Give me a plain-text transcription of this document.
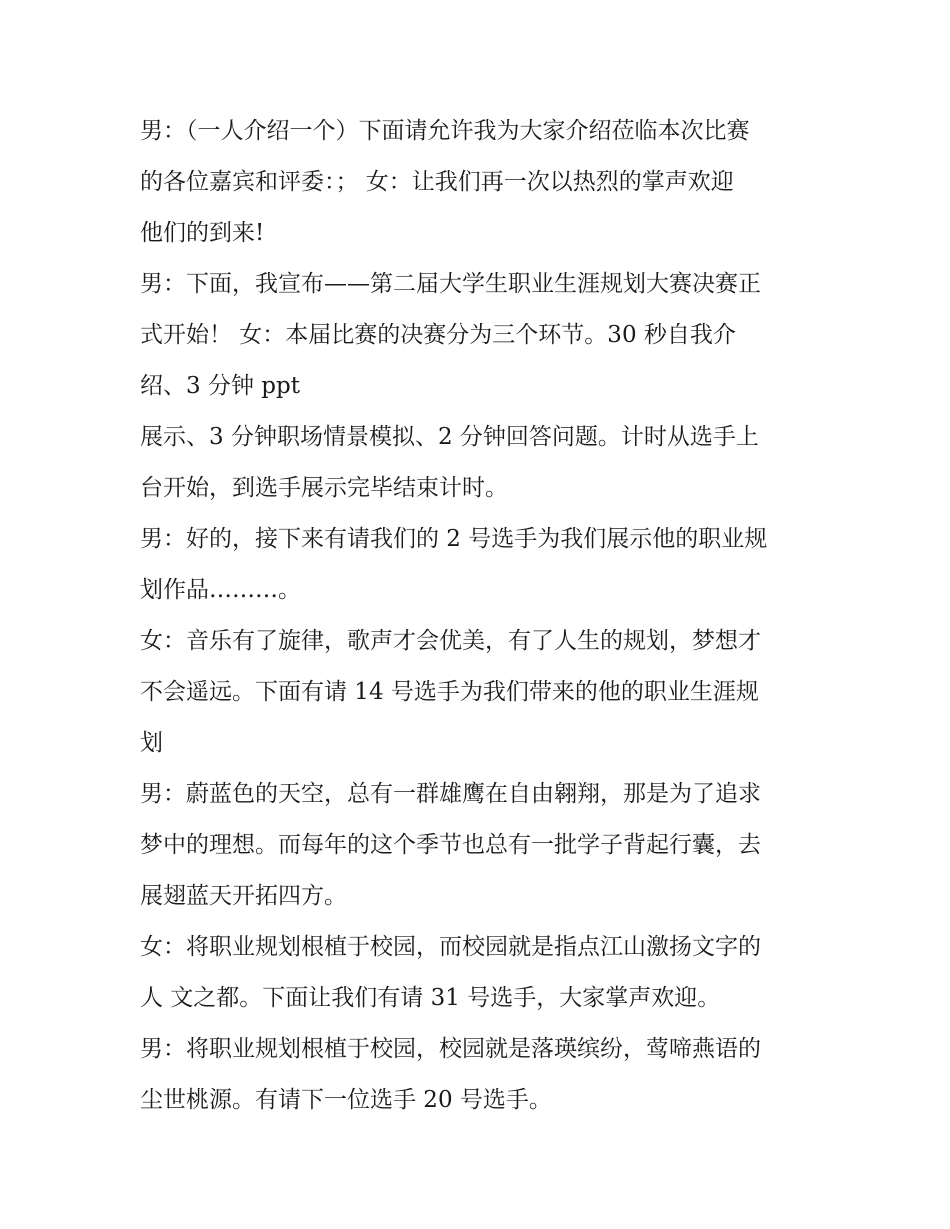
男：（一人介绍一个）下面请允许我为大家介绍莅临本次比赛
的各位嘉宾和评委：； 女：让我们再一次以热烈的掌声欢迎
他们的到来!
男：下面，我宣布——第二届大学生职业生涯规划大赛决赛正
式开始！ 女：本届比赛的决赛分为三个环节。30 秒自我介
绍、3 分钟 ppt
展示、3 分钟职场情景模拟、2 分钟回答问题。计时从选手上
台开始，到选手展示完毕结束计时。
男：好的，接下来有请我们的 2 号选手为我们展示他的职业规
划作品………。
女：音乐有了旋律，歌声才会优美，有了人生的规划，梦想才
不会遥远。下面有请 14 号选手为我们带来的他的职业生涯规
划
男：蔚蓝色的天空，总有一群雄鹰在自由翱翔，那是为了追求
梦中的理想。而每年的这个季节也总有一批学子背起行囊，去
展翅蓝天开拓四方。
女：将职业规划根植于校园，而校园就是指点江山激扬文字的
人 文之都。下面让我们有请 31 号选手，大家掌声欢迎。
男：将职业规划根植于校园，校园就是落瑛缤纷，莺啼燕语的
尘世桃源。有请下一位选手 20 号选手。
